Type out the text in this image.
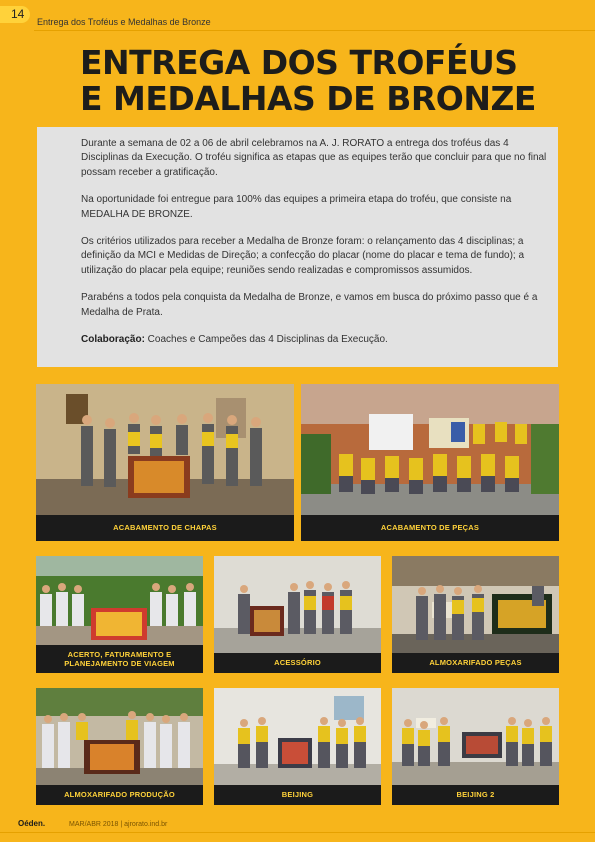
14
Entrega dos Troféus e Medalhas de Bronze
ENTREGA DOS TROFÉUS
E MEDALHAS DE BRONZE

Durante a semana de 02 a 06 de abril celebramos na A. J. RORATO a entrega dos troféus das 4 Disciplinas da Execução. O troféu significa as etapas que as equipes terão que concluir para que no final possam receber a gratificação.

Na oportunidade foi entregue para 100% das equipes a primeira etapa do troféu, que consiste na MEDALHA DE BRONZE.

Os critérios utilizados para receber a Medalha de Bronze foram: o relançamento das 4 disciplinas; a definição da MCI e Medidas de Direção; a confecção do placar (nome do placar e tema de fundo); a utilização do placar pela equipe; reuniões sendo realizadas e compromissos assumidos.

Parabéns a todos pela conquista da Medalha de Bronze, e vamos em busca do próximo passo que é a Medalha de Prata.

Colaboração: Coaches e Campeões das 4 Disciplinas da Execução.

ACABAMENTO DE CHAPAS	ACABAMENTO DE PEÇAS
ACERTO, FATURAMENTO E PLANEJAMENTO DE VIAGEM	ACESSÓRIO	ALMOXARIFADO PEÇAS
ALMOXARIFADO PRODUÇÃO	BEIJING	BEIJING 2
Oéden.	MAR/ABR 2018 | ajrorato.ind.br
